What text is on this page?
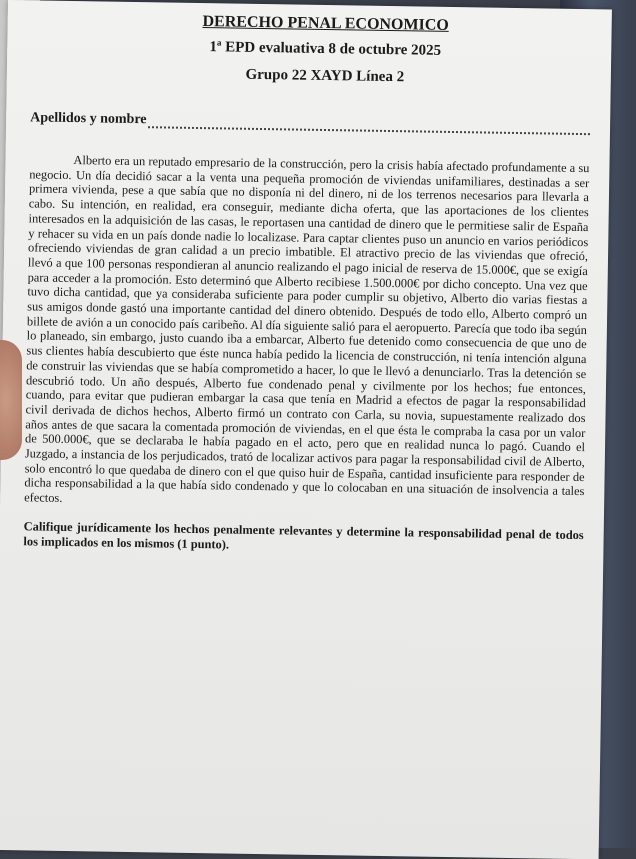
DERECHO PENAL ECONOMICO
1ª EPD evaluativa 8 de octubre 2025
Grupo 22 XAYD Línea 2
Apellidos y nombre

Alberto era un reputado empresario de la construcción, pero la crisis había afectado profundamente a su negocio. Un día decidió sacar a la venta una pequeña promoción de viviendas unifamiliares, destinadas a ser primera vivienda, pese a que sabía que no disponía ni del dinero, ni de los terrenos necesarios para llevarla a cabo. Su intención, en realidad, era conseguir, mediante dicha oferta, que las aportaciones de los clientes interesados en la adquisición de las casas, le reportasen una cantidad de dinero que le permitiese salir de España y rehacer su vida en un país donde nadie lo localizase. Para captar clientes puso un anuncio en varios periódicos ofreciendo viviendas de gran calidad a un precio imbatible. El atractivo precio de las viviendas que ofreció, llevó a que 100 personas respondieran al anuncio realizando el pago inicial de reserva de 15.000€, que se exigía para acceder a la promoción. Esto determinó que Alberto recibiese 1.500.000€ por dicho concepto. Una vez que tuvo dicha cantidad, que ya consideraba suficiente para poder cumplir su objetivo, Alberto dio varias fiestas a sus amigos donde gastó una importante cantidad del dinero obtenido. Después de todo ello, Alberto compró un billete de avión a un conocido país caribeño. Al día siguiente salió para el aeropuerto. Parecía que todo iba según lo planeado, sin embargo, justo cuando iba a embarcar, Alberto fue detenido como consecuencia de que uno de sus clientes había descubierto que éste nunca había pedido la licencia de construcción, ni tenía intención alguna de construir las viviendas que se había comprometido a hacer, lo que le llevó a denunciarlo. Tras la detención se descubrió todo. Un año después, Alberto fue condenado penal y civilmente por los hechos; fue entonces, cuando, para evitar que pudieran embargar la casa que tenía en Madrid a efectos de pagar la responsabilidad civil derivada de dichos hechos, Alberto firmó un contrato con Carla, su novia, supuestamente realizado dos años antes de que sacara la comentada promoción de viviendas, en el que ésta le compraba la casa por un valor de 500.000€, que se declaraba le había pagado en el acto, pero que en realidad nunca lo pagó. Cuando el Juzgado, a instancia de los perjudicados, trató de localizar activos para pagar la responsabilidad civil de Alberto, solo encontró lo que quedaba de dinero con el que quiso huir de España, cantidad insuficiente para responder de dicha responsabilidad a la que había sido condenado y que lo colocaban en una situación de insolvencia a tales efectos.

Califique jurídicamente los hechos penalmente relevantes y determine la responsabilidad penal de todos los implicados en los mismos (1 punto).
